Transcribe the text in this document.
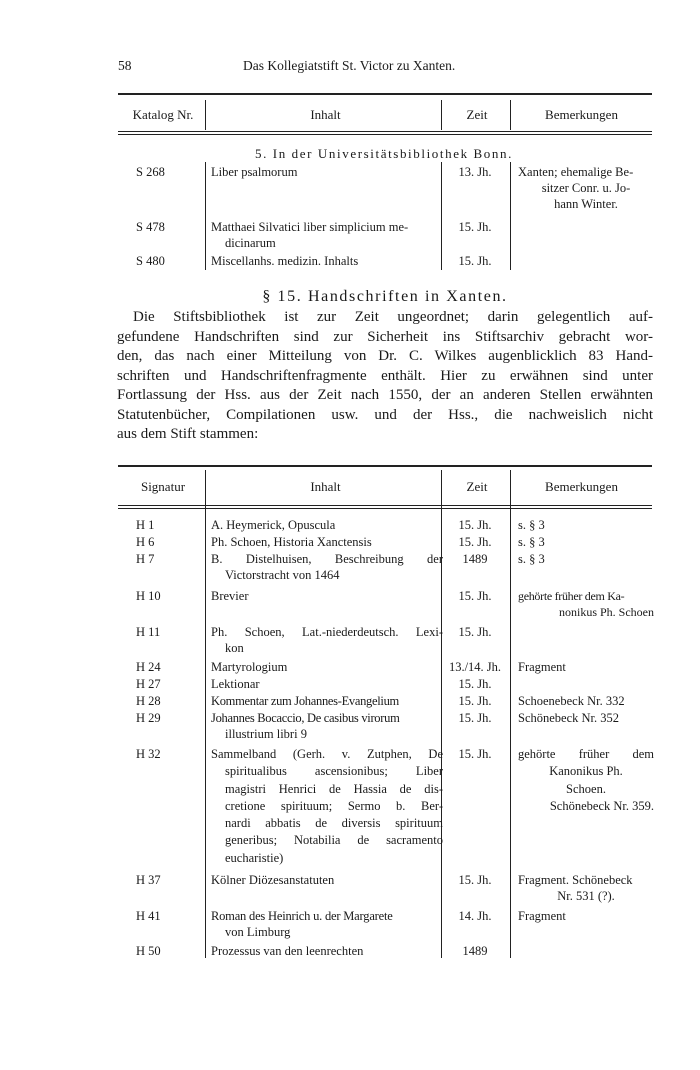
58	Das Kollegiatstift St. Victor zu Xanten.
Katalog Nr.	Inhalt	Zeit	Bemerkungen
5. In der Universitätsbibliothek Bonn.
S 268	Liber psalmorum	13. Jh.	Xanten; ehemalige Be-
sitzer Conr. u. Jo-
hann Winter.
S 478	Matthaei Silvatici liber simplicium me-
dicinarum
15. Jh.
S 480	Miscellanhs. medizin. Inhalts	15. Jh.
§ 15. Handschriften in Xanten.
Die Stiftsbibliothek ist zur Zeit ungeordnet; darin gelegentlich auf-
gefundene Handschriften sind zur Sicherheit ins Stiftsarchiv gebracht wor-
den, das nach einer Mitteilung von Dr. C. Wilkes augenblicklich 83 Hand-
schriften und Handschriftenfragmente enthält. Hier zu erwähnen sind unter
Fortlassung der Hss. aus der Zeit nach 1550, der an anderen Stellen erwähnten
Statutenbücher, Compilationen usw. und der Hss., die nachweislich nicht
aus dem Stift stammen:
Signatur	Inhalt	Zeit	Bemerkungen
H 1	A. Heymerick, Opuscula	15. Jh.	s. § 3
H 6	Ph. Schoen, Historia Xanctensis	15. Jh.	s. § 3
H 7	B. Distelhuisen, Beschreibung der
Victorstracht von 1464
1489	s. § 3
H 10	Brevier	15. Jh.	gehörte früher dem Ka-
nonikus Ph. Schoen
H 11	Ph. Schoen, Lat.-niederdeutsch. Lexi-
kon
15. Jh.
H 24	Martyrologium	13./14. Jh.	Fragment
H 27	Lektionar	15. Jh.
H 28	Kommentar zum Johannes-Evangelium	15. Jh.	Schoenebeck Nr. 332
H 29	Johannes Bocaccio, De casibus virorum
illustrium libri 9
15. Jh.	Schönebeck Nr. 352
H 32	Sammelband (Gerh. v. Zutphen, De
spiritualibus ascensionibus; Liber
magistri Henrici de Hassia de dis-
cretione spirituum; Sermo b. Ber-
nardi abbatis de diversis spirituum
generibus; Notabilia de sacramento
eucharistie)
15. Jh.	gehörte früher dem
Kanonikus Ph.
Schoen.
Schönebeck Nr. 359.
H 37	Kölner Diözesanstatuten	15. Jh.	Fragment. Schönebeck
Nr. 531 (?).
H 41	Roman des Heinrich u. der Margarete
von Limburg
14. Jh.	Fragment
H 50	Prozessus van den leenrechten	1489
